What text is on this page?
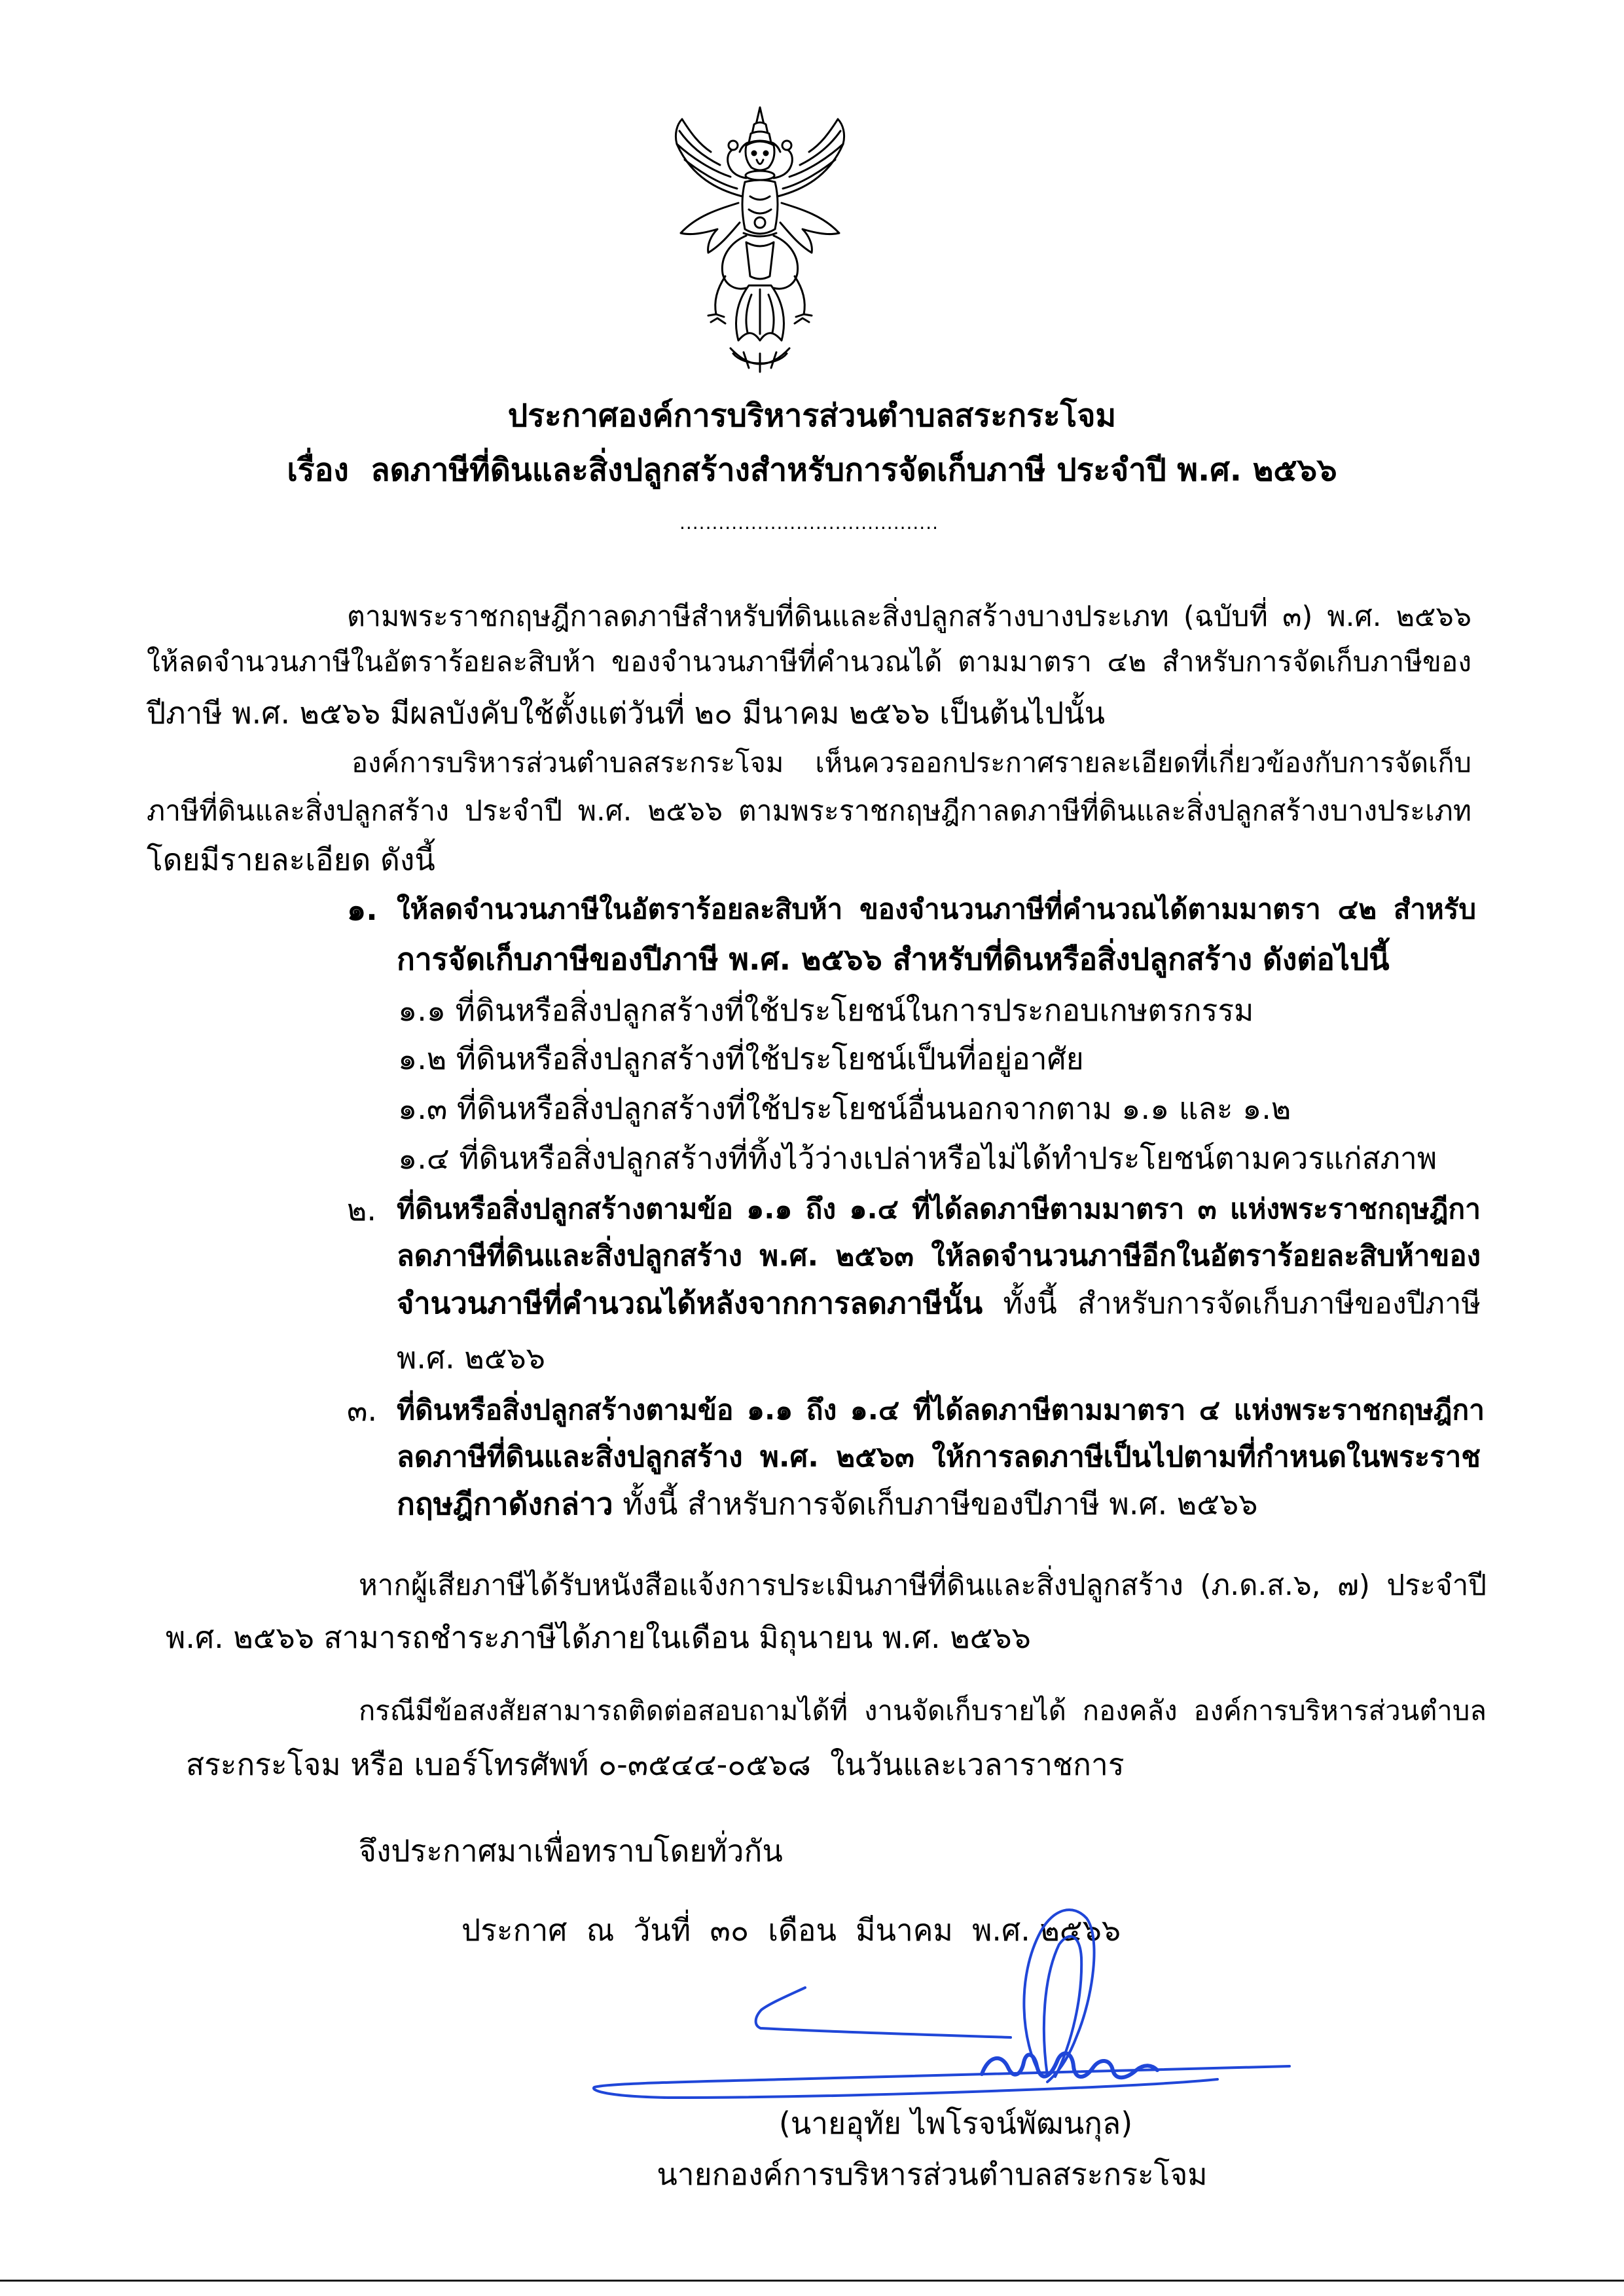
ประกาศองค์การบริหารส่วนตำบลสระกระโจม
เรื่อง  ลดภาษีที่ดินและสิ่งปลูกสร้างสำหรับการจัดเก็บภาษี ประจำปี พ.ศ. ๒๕๖๖
........................................
ตามพระราชกฤษฎีกาลดภาษีสำหรับที่ดินและสิ่งปลูกสร้างบางประเภท (ฉบับที่ ๓) พ.ศ. ๒๕๖๖
ให้ลดจำนวนภาษีในอัตราร้อยละสิบห้า ของจำนวนภาษีที่คำนวณได้ ตามมาตรา ๔๒ สำหรับการจัดเก็บภาษีของ
ปีภาษี พ.ศ. ๒๕๖๖ มีผลบังคับใช้ตั้งแต่วันที่ ๒๐ มีนาคม ๒๕๖๖ เป็นต้นไปนั้น
องค์การบริหารส่วนตำบลสระกระโจม เห็นควรออกประกาศรายละเอียดที่เกี่ยวข้องกับการจัดเก็บ
ภาษีที่ดินและสิ่งปลูกสร้าง ประจำปี พ.ศ. ๒๕๖๖ ตามพระราชกฤษฎีกาลดภาษีที่ดินและสิ่งปลูกสร้างบางประเภท
โดยมีรายละเอียด ดังนี้
๑. ให้ลดจำนวนภาษีในอัตราร้อยละสิบห้า ของจำนวนภาษีที่คำนวณได้ตามมาตรา ๔๒ สำหรับ
การจัดเก็บภาษีของปีภาษี พ.ศ. ๒๕๖๖ สำหรับที่ดินหรือสิ่งปลูกสร้าง ดังต่อไปนี้
๑.๑ ที่ดินหรือสิ่งปลูกสร้างที่ใช้ประโยชน์ในการประกอบเกษตรกรรม
๑.๒ ที่ดินหรือสิ่งปลูกสร้างที่ใช้ประโยชน์เป็นที่อยู่อาศัย
๑.๓ ที่ดินหรือสิ่งปลูกสร้างที่ใช้ประโยชน์อื่นนอกจากตาม ๑.๑ และ ๑.๒
๑.๔ ที่ดินหรือสิ่งปลูกสร้างที่ทิ้งไว้ว่างเปล่าหรือไม่ได้ทำประโยชน์ตามควรแก่สภาพ
๒. ที่ดินหรือสิ่งปลูกสร้างตามข้อ ๑.๑ ถึง ๑.๔ ที่ได้ลดภาษีตามมาตรา ๓ แห่งพระราชกฤษฎีกา
ลดภาษีที่ดินและสิ่งปลูกสร้าง พ.ศ. ๒๕๖๓ ให้ลดจำนวนภาษีอีกในอัตราร้อยละสิบห้าของ
จำนวนภาษีที่คำนวณได้หลังจากการลดภาษีนั้น ทั้งนี้ สำหรับการจัดเก็บภาษีของปีภาษี
พ.ศ. ๒๕๖๖
๓. ที่ดินหรือสิ่งปลูกสร้างตามข้อ ๑.๑ ถึง ๑.๔ ที่ได้ลดภาษีตามมาตรา ๔ แห่งพระราชกฤษฎีกา
ลดภาษีที่ดินและสิ่งปลูกสร้าง พ.ศ. ๒๕๖๓ ให้การลดภาษีเป็นไปตามที่กำหนดในพระราช
กฤษฎีกาดังกล่าว ทั้งนี้ สำหรับการจัดเก็บภาษีของปีภาษี พ.ศ. ๒๕๖๖
หากผู้เสียภาษีได้รับหนังสือแจ้งการประเมินภาษีที่ดินและสิ่งปลูกสร้าง (ภ.ด.ส.๖, ๗) ประจำปี
พ.ศ. ๒๕๖๖ สามารถชำระภาษีได้ภายในเดือน มิถุนายน พ.ศ. ๒๕๖๖
กรณีมีข้อสงสัยสามารถติดต่อสอบถามได้ที่ งานจัดเก็บรายได้ กองคลัง องค์การบริหารส่วนตำบล
สระกระโจม หรือ เบอร์โทรศัพท์ ๐-๓๕๔๔-๐๕๖๘  ในวันและเวลาราชการ
จึงประกาศมาเพื่อทราบโดยทั่วกัน
ประกาศ  ณ  วันที่  ๓๐  เดือน  มีนาคม  พ.ศ. ๒๕๖๖
(นายอุทัย ไพโรจน์พัฒนกุล)
นายกองค์การบริหารส่วนตำบลสระกระโจม
